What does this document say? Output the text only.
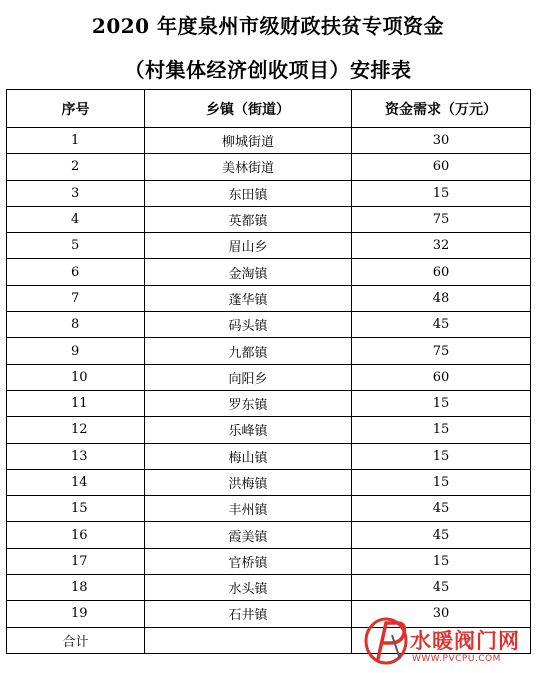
2020 年度泉州市级财政扶贫专项资金
（村集体经济创收项目）安排表
序号	乡镇（街道）	资金需求（万元）
1	柳城街道	30
2	美林街道	60
3	东田镇	15
4	英都镇	75
5	眉山乡	32
6	金淘镇	60
7	蓬华镇	48
8	码头镇	45
9	九都镇	75
10	向阳乡	60
11	罗东镇	15
12	乐峰镇	15
13	梅山镇	15
14	洪梅镇	15
15	丰州镇	45
16	霞美镇	45
17	官桥镇	15
18	水头镇	45
19	石井镇	30
合计			水暖阀门网
WWW.PVCPU.COM
